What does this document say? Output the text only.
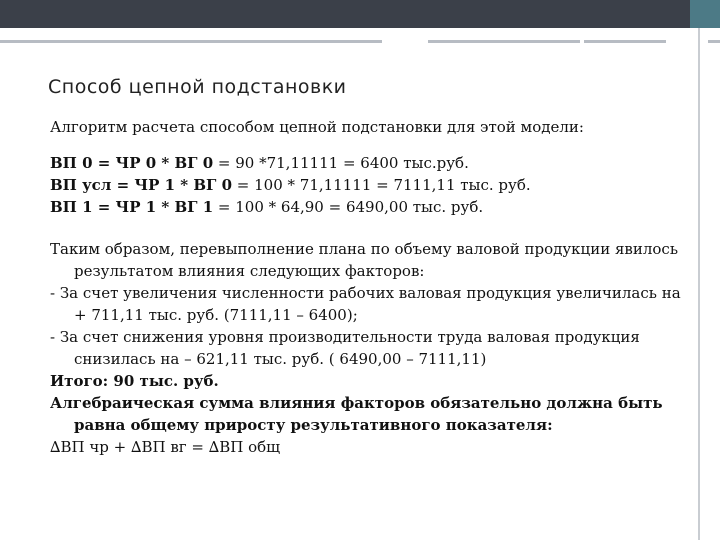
Способ цепной подстановки

Алгоритм расчета способом цепной подстановки для этой модели:

ВП 0 = ЧР 0 * ВГ 0 = 90 *71,11111 = 6400 тыс.руб.

ВП усл = ЧР 1 * ВГ 0 = 100 * 71,11111 = 7111,11 тыс. руб.

ВП 1 = ЧР 1 * ВГ 1 = 100 * 64,90 = 6490,00 тыс. руб.

Таким образом, перевыполнение плана по объему валовой продукции явилось результатом влияния следующих факторов:

- За счет увеличения численности рабочих валовая продукция увеличилась на + 711,11 тыс. руб. (7111,11 – 6400);

- За счет снижения уровня производительности труда валовая продукция снизилась на – 621,11 тыс. руб. ( 6490,00 – 7111,11)

Итого: 90 тыс. руб.

Алгебраическая сумма влияния факторов обязательно должна быть равна общему приросту результативного показателя:

∆ВП чр + ∆ВП вг = ∆ВП общ
